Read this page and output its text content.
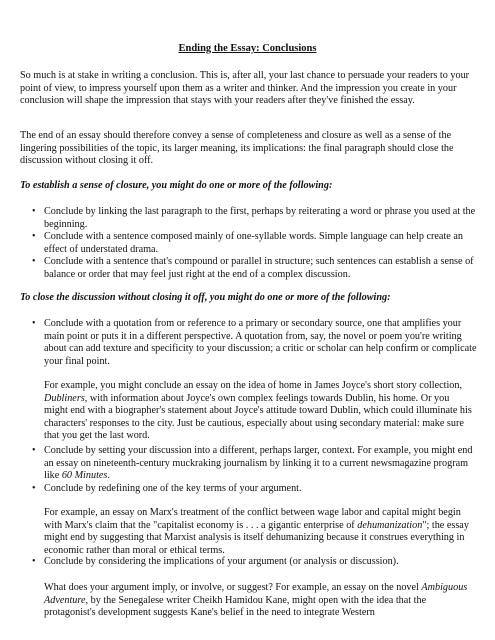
Ending the Essay: Conclusions

So much is at stake in writing a conclusion. This is, after all, your last chance to persuade your readers to your point of view, to impress yourself upon them as a writer and thinker. And the impression you create in your conclusion will shape the impression that stays with your readers after they've finished the essay.

The end of an essay should therefore convey a sense of completeness and closure as well as a sense of the lingering possibilities of the topic, its larger meaning, its implications: the final paragraph should close the discussion without closing it off.

To establish a sense of closure, you might do one or more of the following:

• Conclude by linking the last paragraph to the first, perhaps by reiterating a word or phrase you used at the beginning.
• Conclude with a sentence composed mainly of one-syllable words. Simple language can help create an effect of understated drama.
• Conclude with a sentence that's compound or parallel in structure; such sentences can establish a sense of balance or order that may feel just right at the end of a complex discussion.

To close the discussion without closing it off, you might do one or more of the following:

• Conclude with a quotation from or reference to a primary or secondary source, one that amplifies your main point or puts it in a different perspective. A quotation from, say, the novel or poem you're writing about can add texture and specificity to your discussion; a critic or scholar can help confirm or complicate your final point.

For example, you might conclude an essay on the idea of home in James Joyce's short story collection, Dubliners, with information about Joyce's own complex feelings towards Dublin, his home. Or you might end with a biographer's statement about Joyce's attitude toward Dublin, which could illuminate his characters' responses to the city. Just be cautious, especially about using secondary material: make sure that you get the last word.

• Conclude by setting your discussion into a different, perhaps larger, context. For example, you might end an essay on nineteenth-century muckraking journalism by linking it to a current newsmagazine program like 60 Minutes.
• Conclude by redefining one of the key terms of your argument.

For example, an essay on Marx's treatment of the conflict between wage labor and capital might begin with Marx's claim that the "capitalist economy is . . . a gigantic enterprise of dehumanization"; the essay might end by suggesting that Marxist analysis is itself dehumanizing because it construes everything in economic rather than moral or ethical terms.

• Conclude by considering the implications of your argument (or analysis or discussion).

What does your argument imply, or involve, or suggest? For example, an essay on the novel Ambiguous Adventure, by the Senegalese writer Cheikh Hamidou Kane, might open with the idea that the protagonist's development suggests Kane's belief in the need to integrate Western
